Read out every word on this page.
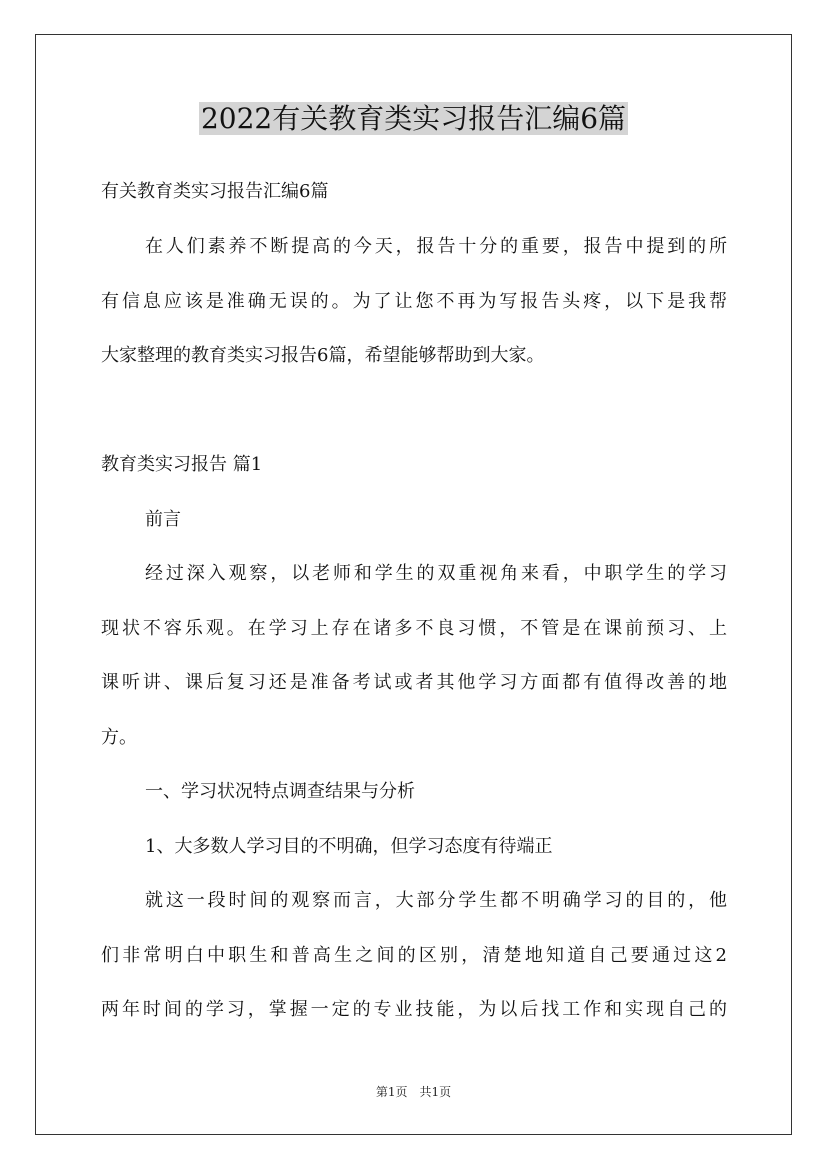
2022有关教育类实习报告汇编6篇
有关教育类实习报告汇编6篇
在人们素养不断提高的今天，报告十分的重要，报告中提到的所
有信息应该是准确无误的。为了让您不再为写报告头疼，以下是我帮
大家整理的教育类实习报告6篇，希望能够帮助到大家。
教育类实习报告 篇1
前言
经过深入观察，以老师和学生的双重视角来看，中职学生的学习
现状不容乐观。在学习上存在诸多不良习惯，不管是在课前预习、上
课听讲、课后复习还是准备考试或者其他学习方面都有值得改善的地
方。
一、学习状况特点调查结果与分析
1、大多数人学习目的不明确，但学习态度有待端正
就这一段时间的观察而言，大部分学生都不明确学习的目的，他
们非常明白中职生和普高生之间的区别，清楚地知道自己要通过这2
两年时间的学习，掌握一定的专业技能，为以后找工作和实现自己的
第1页　共1页
